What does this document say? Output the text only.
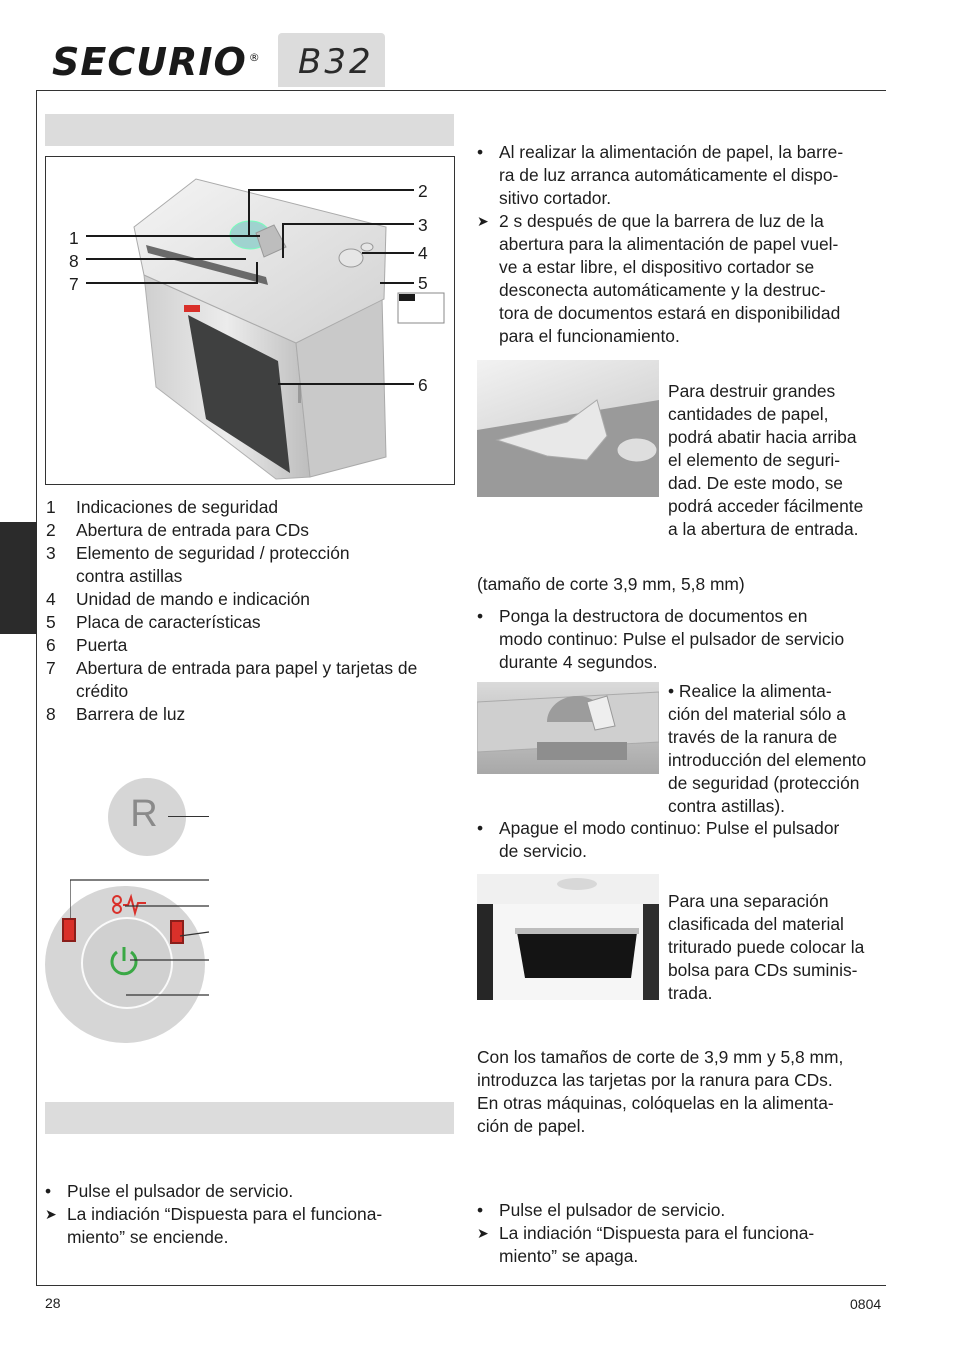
SECURIO ® B32
1
8
7
2
3
4
5
6
1	Indicaciones de seguridad
2	Abertura de entrada para CDs
3	Elemento de seguridad / protección
contra astillas
4	Unidad de mando e indicación
5	Placa de características
6	Puerta
7	Abertura de entrada para papel y tarjetas de
crédito
8	Barrera de luz
R
• Pulse el pulsador de servicio.
➤ La indiación “Dispuesta para el funciona-
miento” se enciende.
• Al realizar la alimentación de papel, la barre-
ra de luz arranca automáticamente el dispo-
sitivo cortador.
➤ 2 s después de que la barrera de luz de la
abertura para la alimentación de papel vuel-
ve a estar libre, el dispositivo cortador se
desconecta automáticamente y la destruc-
tora de documentos estará en disponibilidad
para el funcionamiento.
Para destruir grandes
cantidades de papel,
podrá abatir hacia arriba
el elemento de seguri-
dad. De este modo, se
podrá acceder fácilmente
a la abertura de entrada.
(tamaño de corte 3,9 mm, 5,8 mm)
• Ponga la destructora de documentos en
modo continuo: Pulse el pulsador de servicio
durante 4 segundos.
• Realice la alimenta-
ción del material sólo a
través de la ranura de
introducción del elemento
de seguridad (protección
contra astillas).
• Apague el modo continuo: Pulse el pulsador
de servicio.
Para una separación
clasificada del material
triturado puede colocar la
bolsa para CDs suminis-
trada.
Con los tamaños de corte de 3,9 mm y 5,8 mm,
introduzca las tarjetas por la ranura para CDs.
En otras máquinas, colóquelas en la alimenta-
ción de papel.
• Pulse el pulsador de servicio.
➤ La indiación “Dispuesta para el funciona-
miento” se apaga.
28	0804
